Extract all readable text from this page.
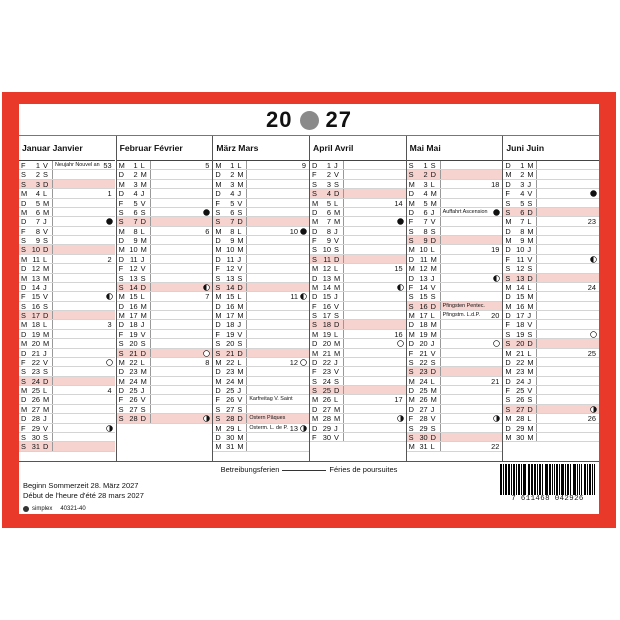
20 27
Januar Janvier
F	1 V	Neujahr Nouvel an 53
S	2 S
S	3 D
M	4 L	1
D	5 M
M	6 M
D	7 J
F	8 V
S	9 S
S 10 D
M 11 L	2
D 12 M
M 13 M
D 14 J
F 15 V
S 16 S
S 17 D
M 18 L	3
D 19 M
M 20 M
D 21 J
F 22 V
S 23 S
S 24 D
M 25 L	4
D 26 M
M 27 M
D 28 J
F 29 V
S 30 S
S 31 D
Februar Février
M	1 L	5
D	2 M
M	3 M
D	4 J
F	5 V
S	6 S
S	7 D
M	8 L	6
D	9 M
M 10 M
D 11 J
F 12 V
S 13 S
S 14 D
M 15 L	7
D 16 M
M 17 M
D 18 J
F 19 V
S 20 S
S 21 D
M 22 L	8
D 23 M
M 24 M
D 25 J
F 26 V
S 27 S
S 28 D
März Mars
M	1 L	9
D	2 M
M	3 M
D	4 J
F	5 V
S	6 S
S	7 D
M	8 L	10
D	9 M
M 10 M
D 11 J
F 12 V
S 13 S
S 14 D
M 15 L	11
D 16 M
M 17 M
D 18 J
F 19 V
S 20 S
S 21 D
M 22 L	12
D 23 M
M 24 M
D 25 J
F 26 V	Karfreitag V. Saint
S 27 S
S 28 D	Ostern Pâques
M 29 L	Osterm. L. de P. 13
D 30 M
M 31 M
April Avril
D	1 J
F	2 V
S	3 S
S	4 D
M	5 L	14
D	6 M
M	7 M
D	8 J
F	9 V
S 10 S
S 11 D
M 12 L	15
D 13 M
M 14 M
D 15 J
F 16 V
S 17 S
S 18 D
M 19 L	16
D 20 M
M 21 M
D 22 J
F 23 V
S 24 S
S 25 D
M 26 L	17
D 27 M
M 28 M
D 29 J
F 30 V
Mai Mai
S	1 S
S	2 D
M	3 L	18
D	4 M
M	5 M
D	6 J	Auffahrt Ascension
F	7 V
S	8 S
S	9 D
M 10 L	19
D 11 M
M 12 M
D 13 J
F 14 V
S 15 S
S 16 D	Pfingsten Pentec.
M 17 L	Pfingstm. L.d.P. 20
D 18 M
M 19 M
D 20 J
F 21 V
S 22 S
S 23 D
M 24 L	21
D 25 M
M 26 M
D 27 J
F 28 V
S 29 S
S 30 D
M 31 L	22
Juni Juin
D	1 M
M	2 M
D	3 J
F	4 V
S	5 S
S	6 D
M	7 L	23
D	8 M
M	9 M
D 10 J
F 11 V
S 12 S
S 13 D
M 14 L	24
D 15 M
M 16 M
D 17 J
F 18 V
S 19 S
S 20 D
M 21 L	25
D 22 M
M 23 M
D 24 J
F 25 V
S 26 S
S 27 D
M 28 L	26
D 29 M
M 30 M
Betreibungsferien	Féries de poursuites
Beginn Sommerzeit 28. März 2027
Début de l'heure d'été 28 mars 2027
simplex 40321-40
7 611468 042926
